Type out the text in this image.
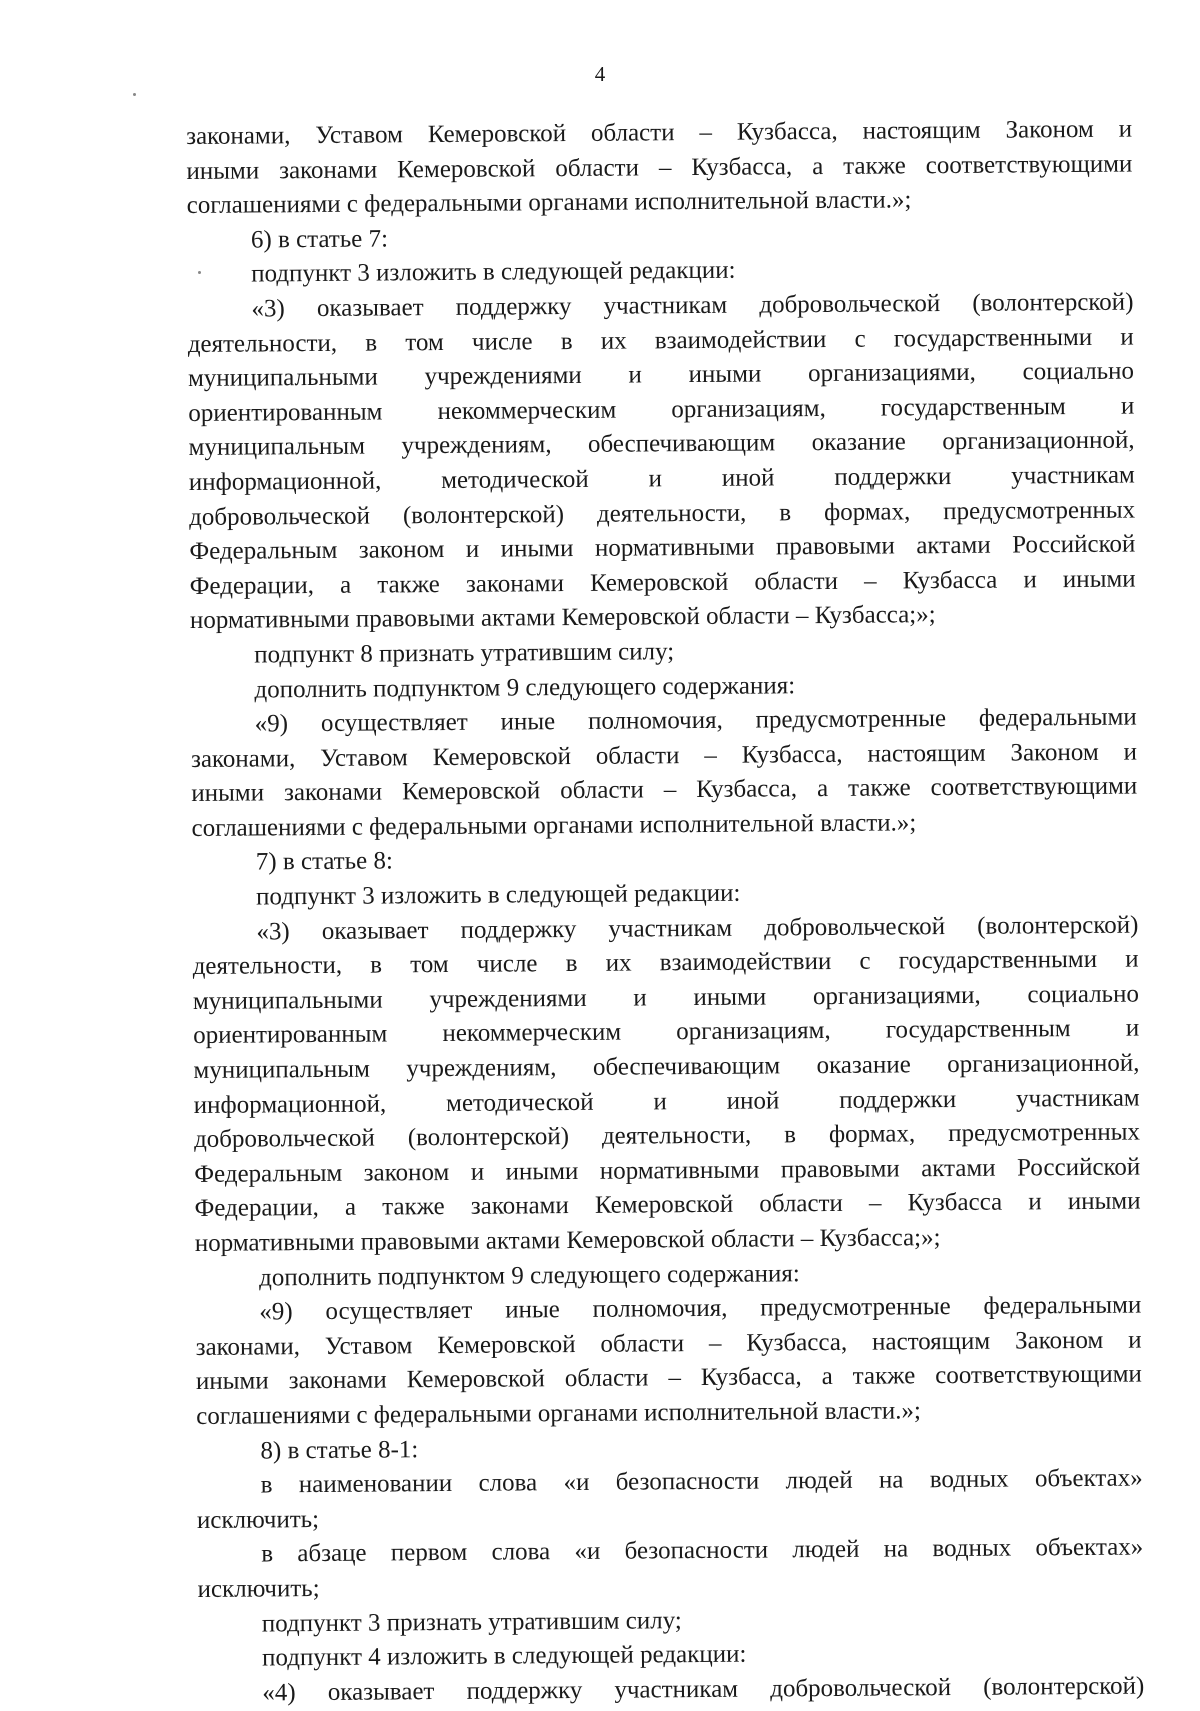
4
законами, Уставом Кемеровской области – Кузбасса, настоящим Законом и
иными законами Кемеровской области – Кузбасса, а также соответствующими
соглашениями с федеральными органами исполнительной власти.»;
6) в статье 7:
подпункт 3 изложить в следующей редакции:
«3) оказывает поддержку участникам добровольческой (волонтерской)
деятельности, в том числе в их взаимодействии с государственными и
муниципальными учреждениями и иными организациями, социально
ориентированным некоммерческим организациям, государственным и
муниципальным учреждениям, обеспечивающим оказание организационной,
информационной, методической и иной поддержки участникам
добровольческой (волонтерской) деятельности, в формах, предусмотренных
Федеральным законом и иными нормативными правовыми актами Российской
Федерации, а также законами Кемеровской области – Кузбасса и иными
нормативными правовыми актами Кемеровской области – Кузбасса;»;
подпункт 8 признать утратившим силу;
дополнить подпунктом 9 следующего содержания:
«9) осуществляет иные полномочия, предусмотренные федеральными
законами, Уставом Кемеровской области – Кузбасса, настоящим Законом и
иными законами Кемеровской области – Кузбасса, а также соответствующими
соглашениями с федеральными органами исполнительной власти.»;
7) в статье 8:
подпункт 3 изложить в следующей редакции:
«3) оказывает поддержку участникам добровольческой (волонтерской)
деятельности, в том числе в их взаимодействии с государственными и
муниципальными учреждениями и иными организациями, социально
ориентированным некоммерческим организациям, государственным и
муниципальным учреждениям, обеспечивающим оказание организационной,
информационной, методической и иной поддержки участникам
добровольческой (волонтерской) деятельности, в формах, предусмотренных
Федеральным законом и иными нормативными правовыми актами Российской
Федерации, а также законами Кемеровской области – Кузбасса и иными
нормативными правовыми актами Кемеровской области – Кузбасса;»;
дополнить подпунктом 9 следующего содержания:
«9) осуществляет иные полномочия, предусмотренные федеральными
законами, Уставом Кемеровской области – Кузбасса, настоящим Законом и
иными законами Кемеровской области – Кузбасса, а также соответствующими
соглашениями с федеральными органами исполнительной власти.»;
8) в статье 8-1:
в наименовании слова «и безопасности людей на водных объектах»
исключить;
в абзаце первом слова «и безопасности людей на водных объектах»
исключить;
подпункт 3 признать утратившим силу;
подпункт 4 изложить в следующей редакции:
«4) оказывает поддержку участникам добровольческой (волонтерской)
